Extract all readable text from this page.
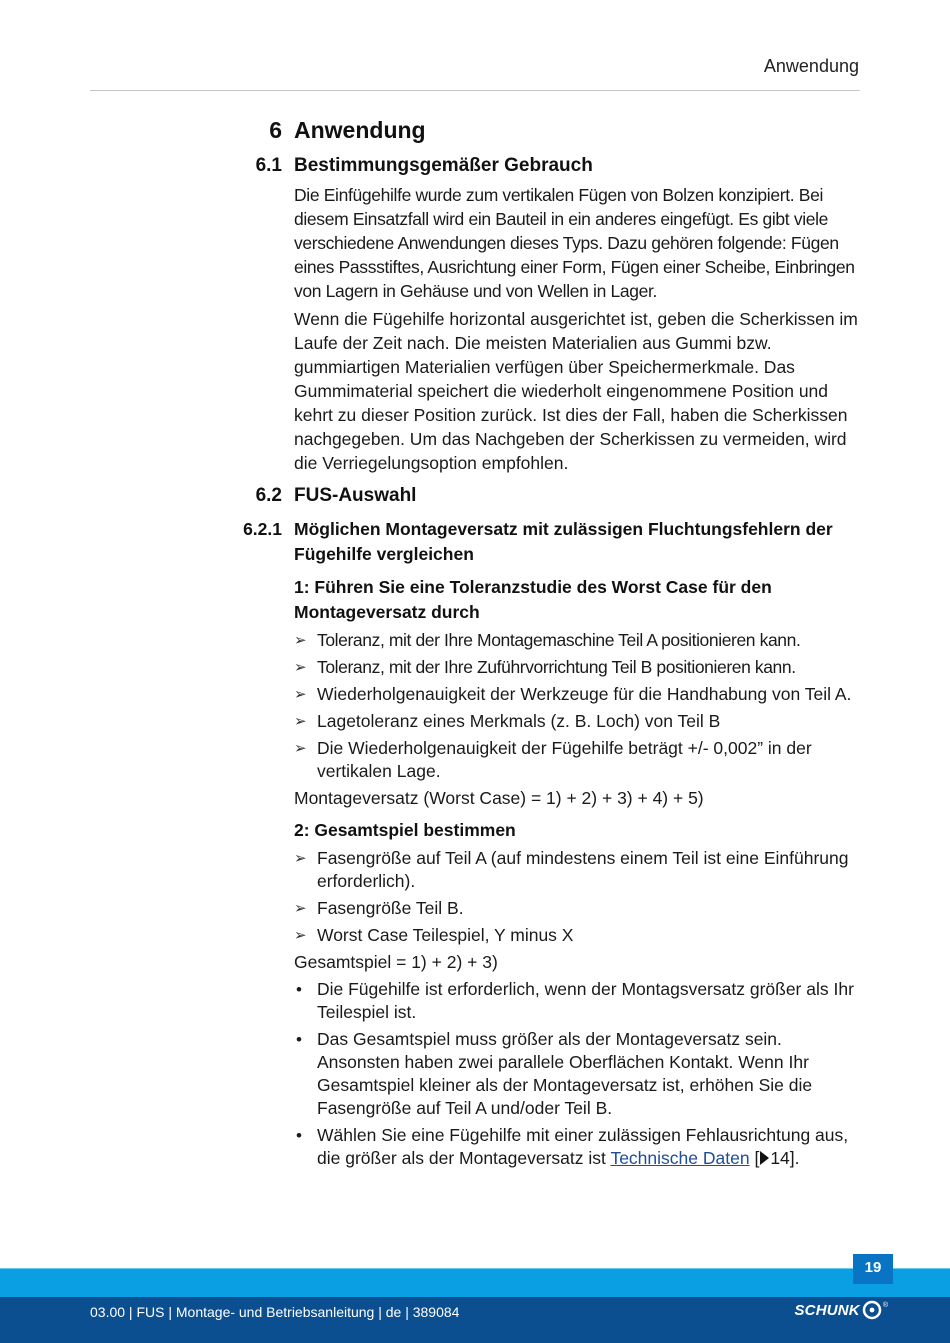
Anwendung
6 Anwendung
6.1 Bestimmungsgemäßer Gebrauch

Die Einfügehilfe wurde zum vertikalen Fügen von Bolzen konzipiert. Bei diesem Einsatzfall wird ein Bauteil in ein anderes eingefügt. Es gibt viele verschiedene Anwendungen dieses Typs. Dazu gehören folgende: Fügen eines Passstiftes, Ausrichtung einer Form, Fügen einer Scheibe, Einbringen von Lagern in Gehäuse und von Wellen in Lager.

Wenn die Fügehilfe horizontal ausgerichtet ist, geben die Scherkissen im Laufe der Zeit nach. Die meisten Materialien aus Gummi bzw. gummiartigen Materialien verfügen über Speichermerkmale. Das Gummimaterial speichert die wiederholt eingenommene Position und kehrt zu dieser Position zurück. Ist dies der Fall, haben die Scherkissen nachgegeben. Um das Nachgeben der Scherkissen zu vermeiden, wird die Verriegelungsoption empfohlen.

6.2 FUS-Auswahl
6.2.1 Möglichen Montageversatz mit zulässigen Fluchtungsfehlern der Fügehilfe vergleichen
1: Führen Sie eine Toleranzstudie des Worst Case für den Montageversatz durch
➢ Toleranz, mit der Ihre Montagemaschine Teil A positionieren kann.
➢ Toleranz, mit der Ihre Zuführvorrichtung Teil B positionieren kann.
➢ Wiederholgenauigkeit der Werkzeuge für die Handhabung von Teil A.
➢ Lagetoleranz eines Merkmals (z. B. Loch) von Teil B
➢ Die Wiederholgenauigkeit der Fügehilfe beträgt +/- 0,002” in der vertikalen Lage.

Montageversatz (Worst Case) = 1) + 2) + 3) + 4) + 5)

2: Gesamtspiel bestimmen
➢ Fasengröße auf Teil A (auf mindestens einem Teil ist eine Einführung erforderlich).
➢ Fasengröße Teil B.
➢ Worst Case Teilespiel, Y minus X

Gesamtspiel = 1) + 2) + 3)

• Die Fügehilfe ist erforderlich, wenn der Montagsversatz größer als Ihr Teilespiel ist.
• Das Gesamtspiel muss größer als der Montageversatz sein. Ansonsten haben zwei parallele Oberflächen Kontakt. Wenn Ihr Gesamtspiel kleiner als der Montageversatz ist, erhöhen Sie die Fasengröße auf Teil A und/oder Teil B.
• Wählen Sie eine Fügehilfe mit einer zulässigen Fehlausrichtung aus, die größer als der Montageversatz ist Technische Daten [ 14].
19
03.00 | FUS | Montage- und Betriebsanleitung | de | 389084	SCHUNK	®
